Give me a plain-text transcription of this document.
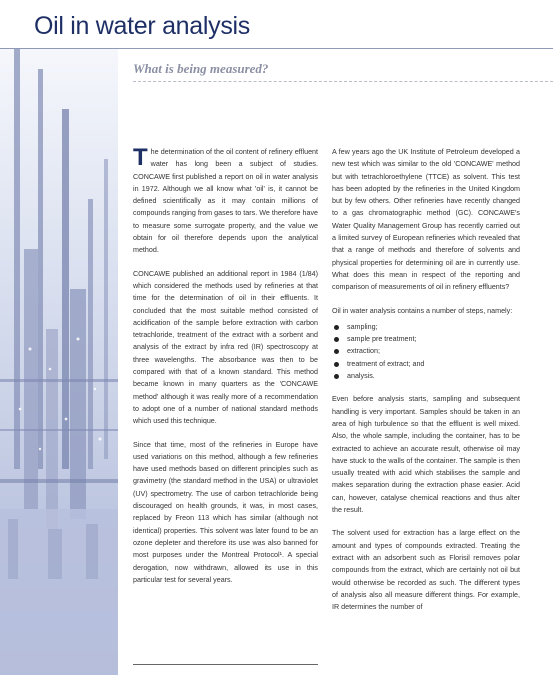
Oil in water analysis
What is being measured?

The determination of the oil content of refinery effluent water has long been a subject of studies. CONCAWE first published a report on oil in water analysis in 1972. Although we all know what 'oil' is, it cannot be defined scientifically as it may contain millions of compounds ranging from gases to tars. We therefore have to measure some surrogate property, and the value we obtain for oil therefore depends upon the analytical method.

CONCAWE published an additional report in 1984 (1/84) which considered the methods used by refineries at that time for the determination of oil in their effluents. It concluded that the most suitable method consisted of acidification of the sample before extraction with carbon tetrachloride, treatment of the extract with a sorbent and analysis of the extract by infra red (IR) spectroscopy at three wavelengths. The absorbance was then to be compared with that of a known standard. This method became known in many quarters as the 'CONCAWE method' although it was really more of a recommendation to adopt one of a number of national standard methods which used this technique.

Since that time, most of the refineries in Europe have used variations on this method, although a few refineries have used methods based on different principles such as gravimetry (the standard method in the USA) or ultraviolet (UV) spectrometry. The use of carbon tetrachloride being discouraged on health grounds, it was, in most cases, replaced by Freon 113 which has similar (although not identical) properties. This solvent was later found to be an ozone depleter and therefore its use was also banned for most purposes under the Montreal Protocol¹. A special derogation, now withdrawn, allowed its use in this particular test for several years.

A few years ago the UK Institute of Petroleum developed a new test which was similar to the old 'CONCAWE' method but with tetrachloroethylene (TTCE) as solvent. This test has been adopted by the refineries in the United Kingdom but by few others. Other refineries have recently changed to a gas chromatographic method (GC). CONCAWE's Water Quality Management Group has recently carried out a limited survey of European refineries which revealed that that a range of methods and therefore of solvents and physical properties for determining oil are in currently use. What does this mean in respect of the reporting and comparison of measurements of oil in refinery effluents?

Oil in water analysis contains a number of steps, namely:

sampling;
sample pre treatment;
extraction;
treatment of extract; and
analysis.

Even before analysis starts, sampling and subsequent handling is very important. Samples should be taken in an area of high turbulence so that the effluent is well mixed. Also, the whole sample, including the container, has to be extracted to achieve an accurate result, otherwise oil may have stuck to the walls of the container. The sample is then usually treated with acid which stabilises the sample and makes separation during the extraction phase easier. Acid can, however, catalyse chemical reactions and thus alter the result.

The solvent used for extraction has a large effect on the amount and types of compounds extracted. Treating the extract with an adsorbent such as Florisil removes polar compounds from the extract, which are certainly not oil but would otherwise be recorded as such. The different types of analysis also all measure different things. For example, IR determines the number of
